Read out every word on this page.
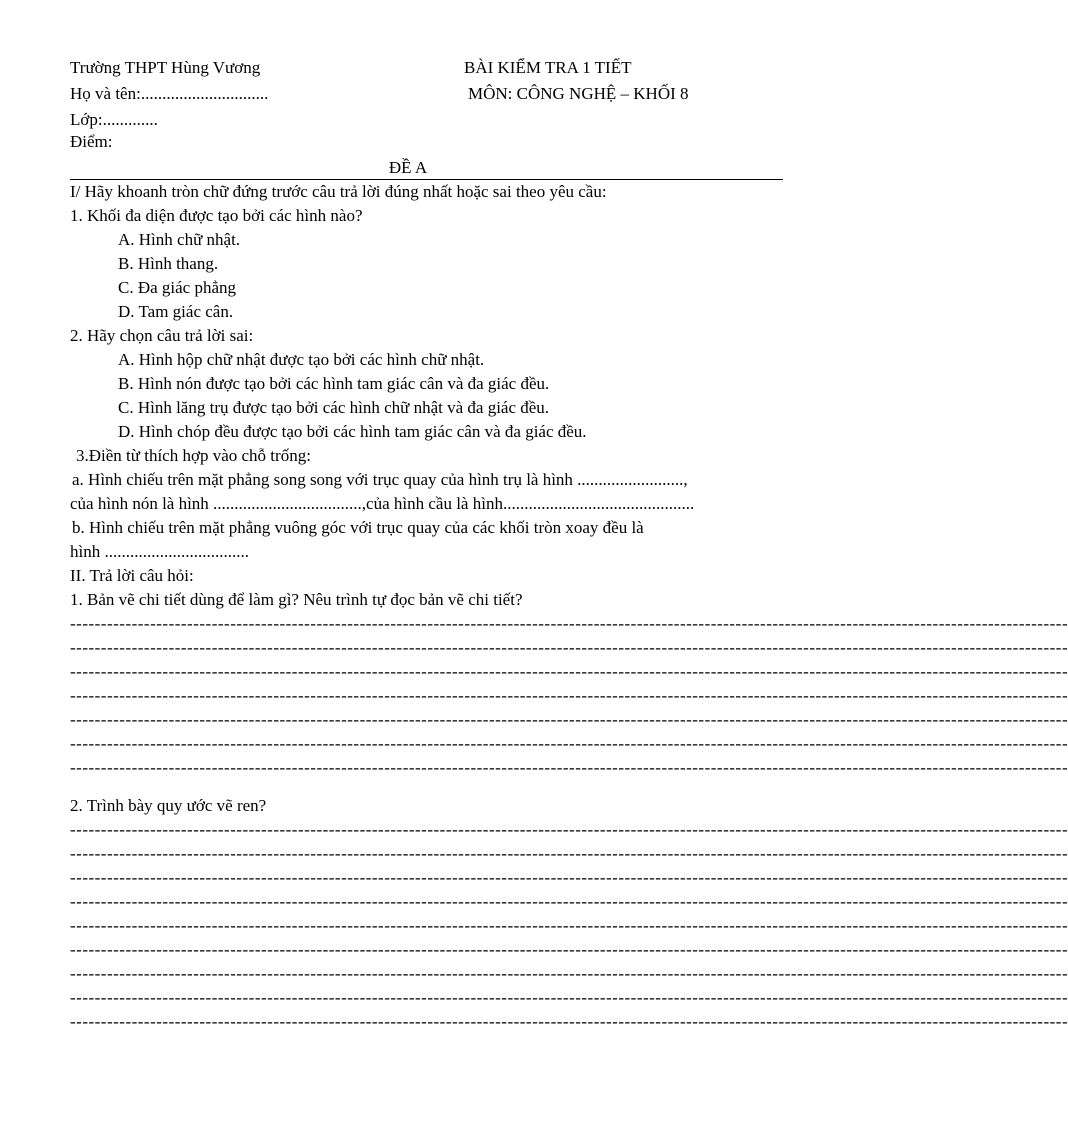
Trường THPT Hùng Vương	BÀI KIỂM TRA 1 TIẾT
Họ và tên:..............................	MÔN: CÔNG NGHỆ – KHỐI 8
Lớp:.............
Điểm:
ĐỀ A
I/ Hãy khoanh tròn chữ đứng trước câu trả lời đúng nhất hoặc sai theo yêu cầu:
1. Khối đa diện được tạo bởi các hình nào?
A. Hình chữ nhật.
B. Hình thang.
C. Đa giác phẳng
D. Tam giác cân.
2. Hãy chọn câu trả lời sai:
A. Hình hộp chữ nhật được tạo bởi các hình chữ nhật.
B. Hình nón được tạo bởi các hình tam giác cân và đa giác đều.
C. Hình lăng trụ được tạo bởi các hình chữ nhật và đa giác đều.
D. Hình chóp đều được tạo bởi các hình tam giác cân và đa giác đều.
3.Điền từ thích hợp vào chỗ trống:
a. Hình chiếu trên mặt phẳng song song với trục quay của hình trụ là hình .........................,
của hình nón là hình ...................................,của hình cầu là hình.............................................
b. Hình chiếu trên mặt phẳng vuông góc với trục quay của các khối tròn xoay đều là
hình ..................................
II. Trả lời câu hỏi:
1. Bản vẽ chi tiết dùng để làm gì? Nêu trình tự đọc bản vẽ chi tiết?
------------------------------------------------------------------------------------------------------------------------------------------------------------------
------------------------------------------------------------------------------------------------------------------------------------------------------------------
------------------------------------------------------------------------------------------------------------------------------------------------------------------
------------------------------------------------------------------------------------------------------------------------------------------------------------------
------------------------------------------------------------------------------------------------------------------------------------------------------------------
------------------------------------------------------------------------------------------------------------------------------------------------------------------
------------------------------------------------------------------------------------------------------------------------------------------------------------------
2. Trình bày quy ước vẽ ren?
------------------------------------------------------------------------------------------------------------------------------------------------------------------
------------------------------------------------------------------------------------------------------------------------------------------------------------------
------------------------------------------------------------------------------------------------------------------------------------------------------------------
------------------------------------------------------------------------------------------------------------------------------------------------------------------
------------------------------------------------------------------------------------------------------------------------------------------------------------------
------------------------------------------------------------------------------------------------------------------------------------------------------------------
------------------------------------------------------------------------------------------------------------------------------------------------------------------
------------------------------------------------------------------------------------------------------------------------------------------------------------------
------------------------------------------------------------------------------------------------------------------------------------------------------------------
